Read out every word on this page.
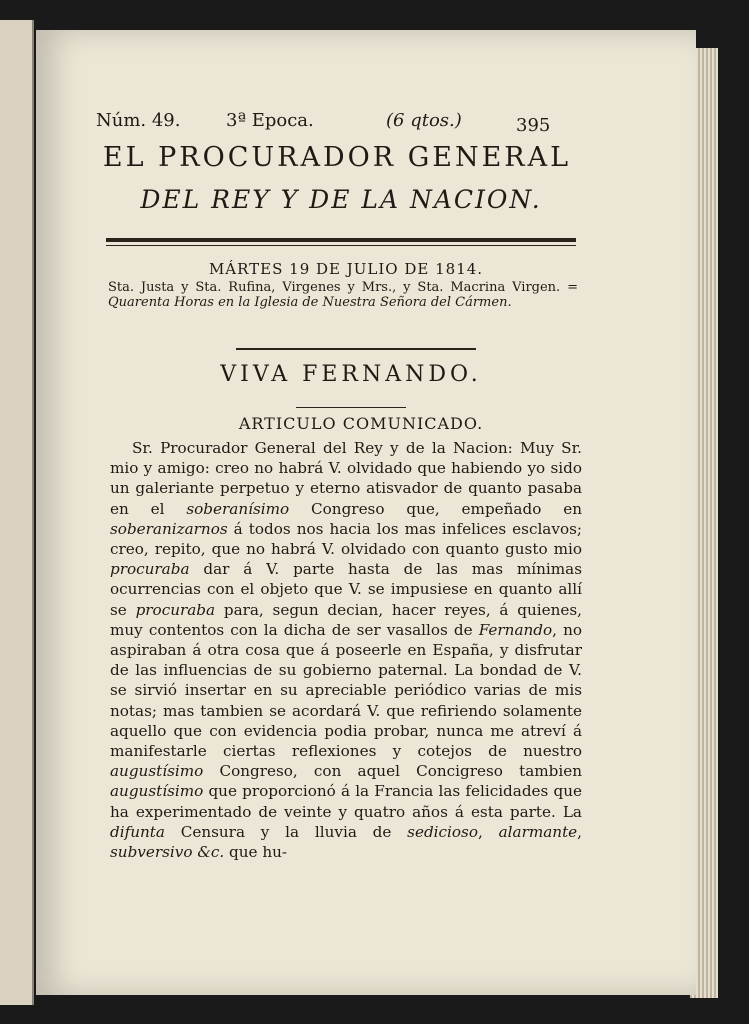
Núm. 49.	3ª Epoca.	(6 qtos.)	395
EL PROCURADOR GENERAL
DEL REY Y DE LA NACION.
MÁRTES 19 DE JULIO DE 1814.
Sta. Justa y Sta. Rufina, Virgenes y Mrs., y Sta. Macrina Virgen. = Quarenta Horas en la Iglesia de Nuestra Señora del Cármen.
VIVA FERNANDO.
ARTICULO COMUNICADO.

Sr. Procurador General del Rey y de la Nacion: Muy Sr. mio y amigo: creo no habrá V. olvidado que habiendo yo sido un galeriante perpetuo y eterno atisvador de quanto pasaba en el soberanísimo Congreso que, empeñado en soberanizarnos á todos nos hacia los mas infelices esclavos; creo, repito, que no habrá V. olvidado con quanto gusto mio procuraba dar á V. parte hasta de las mas mínimas ocurrencias con el objeto que V. se impusiese en quanto allí se procuraba para, segun decian, hacer reyes, á quienes, muy contentos con la dicha de ser vasallos de Fernando, no aspiraban á otra cosa que á poseerle en España, y disfrutar de las influencias de su gobierno paternal. La bondad de V. se sirvió insertar en su apreciable periódico varias de mis notas; mas tambien se acordará V. que refiriendo solamente aquello que con evidencia podia probar, nunca me atreví á manifestarle ciertas reflexiones y cotejos de nuestro augustísimo Congreso, con aquel Concigreso tambien augustísimo que proporcionó á la Francia las felicidades que ha experimentado de veinte y quatro años á esta parte. La difunta Censura y la lluvia de sedicioso, alarmante, subversivo &c. que hu-
